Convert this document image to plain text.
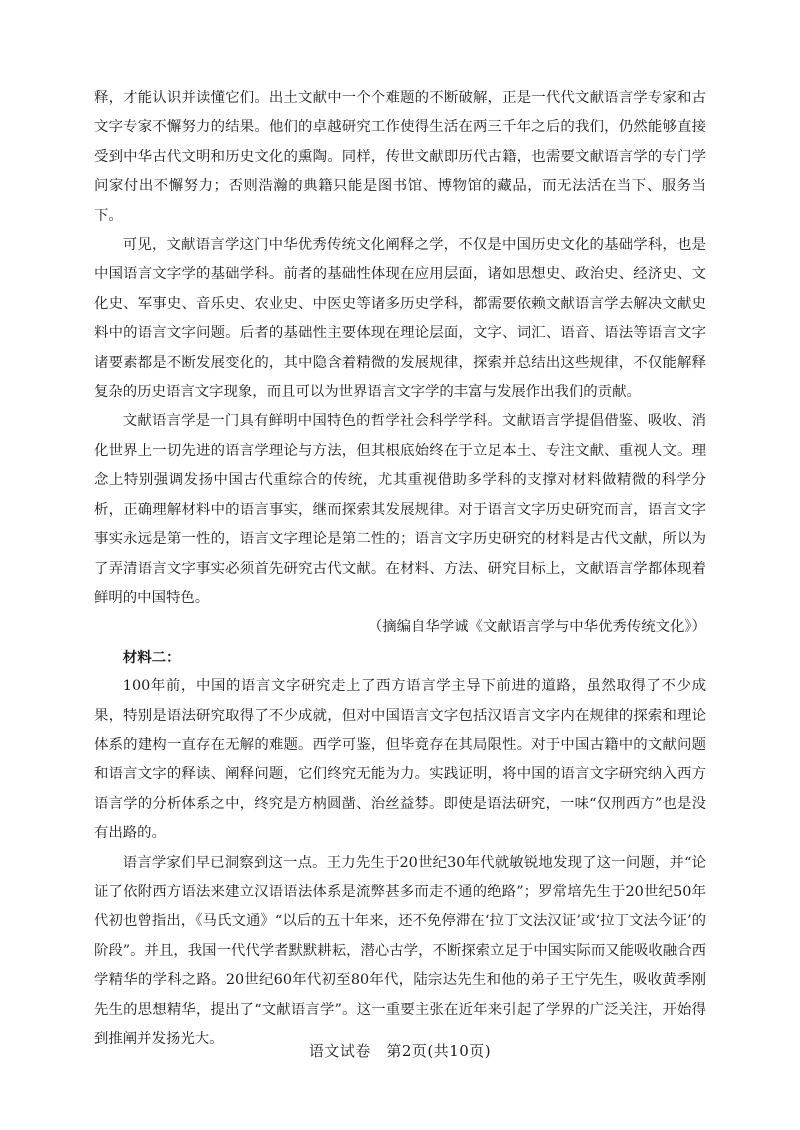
释，才能认识并读懂它们。出土文献中一个个难题的不断破解，正是一代代文献语言学专家和古文字专家不懈努力的结果。他们的卓越研究工作使得生活在两三千年之后的我们，仍然能够直接受到中华古代文明和历史文化的熏陶。同样，传世文献即历代古籍，也需要文献语言学的专门学问家付出不懈努力；否则浩瀚的典籍只能是图书馆、博物馆的藏品，而无法活在当下、服务当下。

可见，文献语言学这门中华优秀传统文化阐释之学，不仅是中国历史文化的基础学科，也是中国语言文字学的基础学科。前者的基础性体现在应用层面，诸如思想史、政治史、经济史、文化史、军事史、音乐史、农业史、中医史等诸多历史学科，都需要依赖文献语言学去解决文献史料中的语言文字问题。后者的基础性主要体现在理论层面，文字、词汇、语音、语法等语言文字诸要素都是不断发展变化的，其中隐含着精微的发展规律，探索并总结出这些规律，不仅能解释复杂的历史语言文字现象，而且可以为世界语言文字学的丰富与发展作出我们的贡献。

文献语言学是一门具有鲜明中国特色的哲学社会科学学科。文献语言学提倡借鉴、吸收、消化世界上一切先进的语言学理论与方法，但其根底始终在于立足本土、专注文献、重视人文。理念上特别强调发扬中国古代重综合的传统，尤其重视借助多学科的支撑对材料做精微的科学分析，正确理解材料中的语言事实，继而探索其发展规律。对于语言文字历史研究而言，语言文字事实永远是第一性的，语言文字理论是第二性的；语言文字历史研究的材料是古代文献，所以为了弄清语言文字事实必须首先研究古代文献。在材料、方法、研究目标上，文献语言学都体现着鲜明的中国特色。

（摘编自华学诚《文献语言学与中华优秀传统文化》）

材料二：

100年前，中国的语言文字研究走上了西方语言学主导下前进的道路，虽然取得了不少成果，特别是语法研究取得了不少成就，但对中国语言文字包括汉语言文字内在规律的探索和理论体系的建构一直存在无解的难题。西学可鉴，但毕竟存在其局限性。对于中国古籍中的文献问题和语言文字的释读、阐释问题，它们终究无能为力。实践证明，将中国的语言文字研究纳入西方语言学的分析体系之中，终究是方枘圆凿、治丝益棼。即使是语法研究，一味“仅刑西方”也是没有出路的。

语言学家们早已洞察到这一点。王力先生于20世纪30年代就敏锐地发现了这一问题，并“论证了依附西方语法来建立汉语语法体系是流弊甚多而走不通的绝路”；罗常培先生于20世纪50年代初也曾指出，《马氏文通》“以后的五十年来，还不免停滞在‘拉丁文法汉证’或‘拉丁文法今证’的阶段”。并且，我国一代代学者默默耕耘，潜心古学，不断探索立足于中国实际而又能吸收融合西学精华的学科之路。20世纪60年代初至80年代，陆宗达先生和他的弟子王宁先生，吸收黄季刚先生的思想精华，提出了“文献语言学”。这一重要主张在近年来引起了学界的广泛关注，开始得到推阐并发扬光大。

语文试卷　第2页(共10页)
